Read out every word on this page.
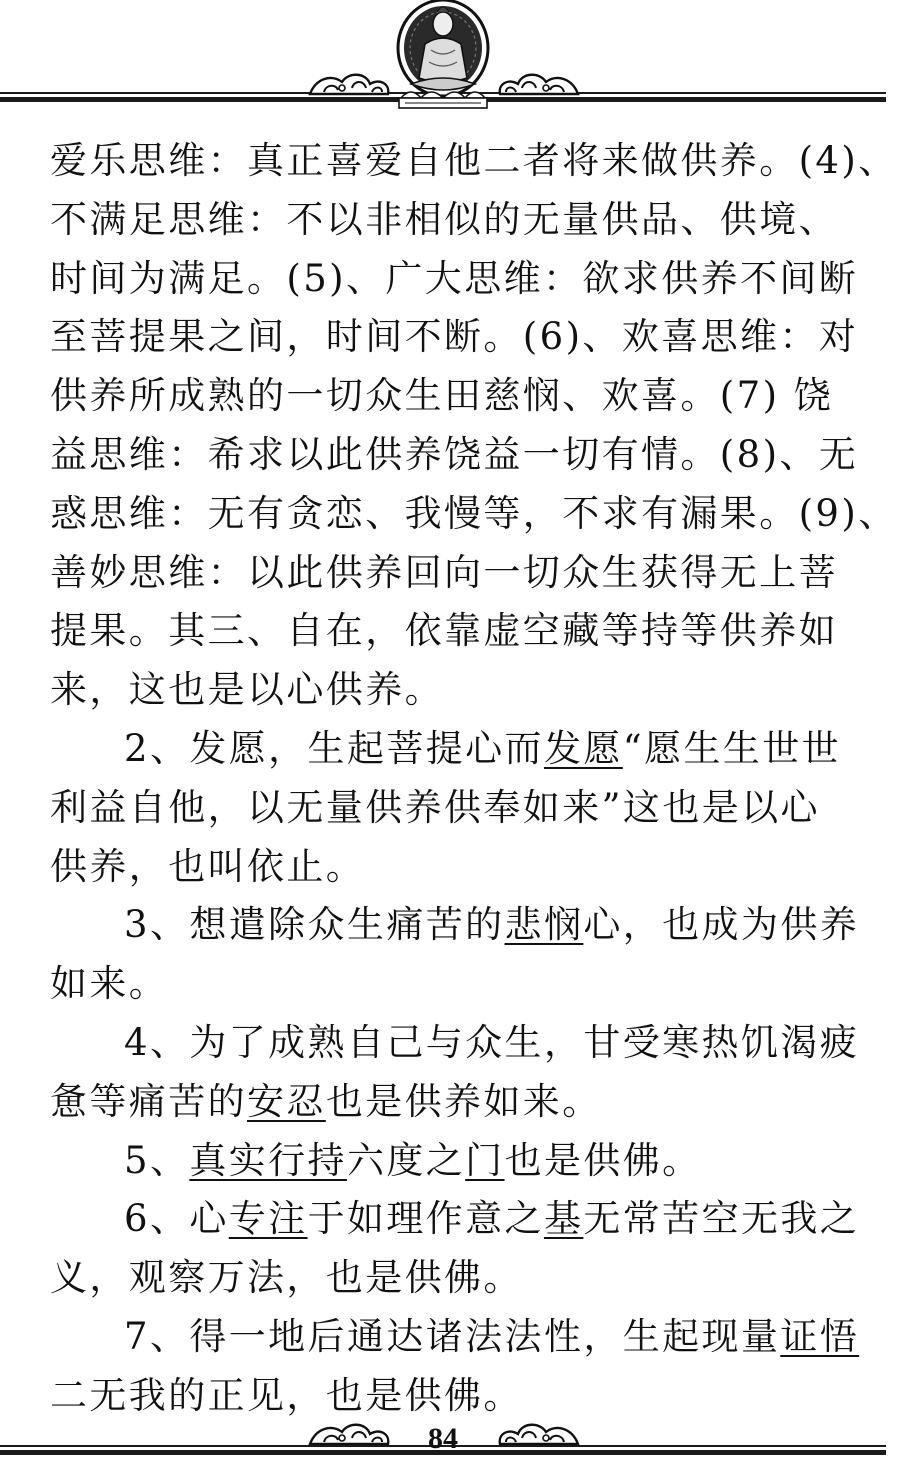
爱乐思维：真正喜爱自他二者将来做供养。(4)、
不满足思维：不以非相似的无量供品、供境、
时间为满足。(5)、广大思维：欲求供养不间断
至菩提果之间，时间不断。(6)、欢喜思维：对
供养所成熟的一切众生田慈悯、欢喜。(7) 饶
益思维：希求以此供养饶益一切有情。(8)、无
惑思维：无有贪恋、我慢等，不求有漏果。(9)、
善妙思维：以此供养回向一切众生获得无上菩
提果。其三、自在，依靠虚空藏等持等供养如
来，这也是以心供养。
2、发愿，生起菩提心而发愿“愿生生世世
利益自他，以无量供养供奉如来”这也是以心
供养，也叫依止。
3、想遣除众生痛苦的悲悯心，也成为供养
如来。
4、为了成熟自己与众生，甘受寒热饥渴疲
惫等痛苦的安忍也是供养如来。
5、真实行持六度之门也是供佛。
6、心专注于如理作意之基无常苦空无我之
义，观察万法，也是供佛。
7、得一地后通达诸法法性，生起现量证悟
二无我的正见，也是供佛。
84
